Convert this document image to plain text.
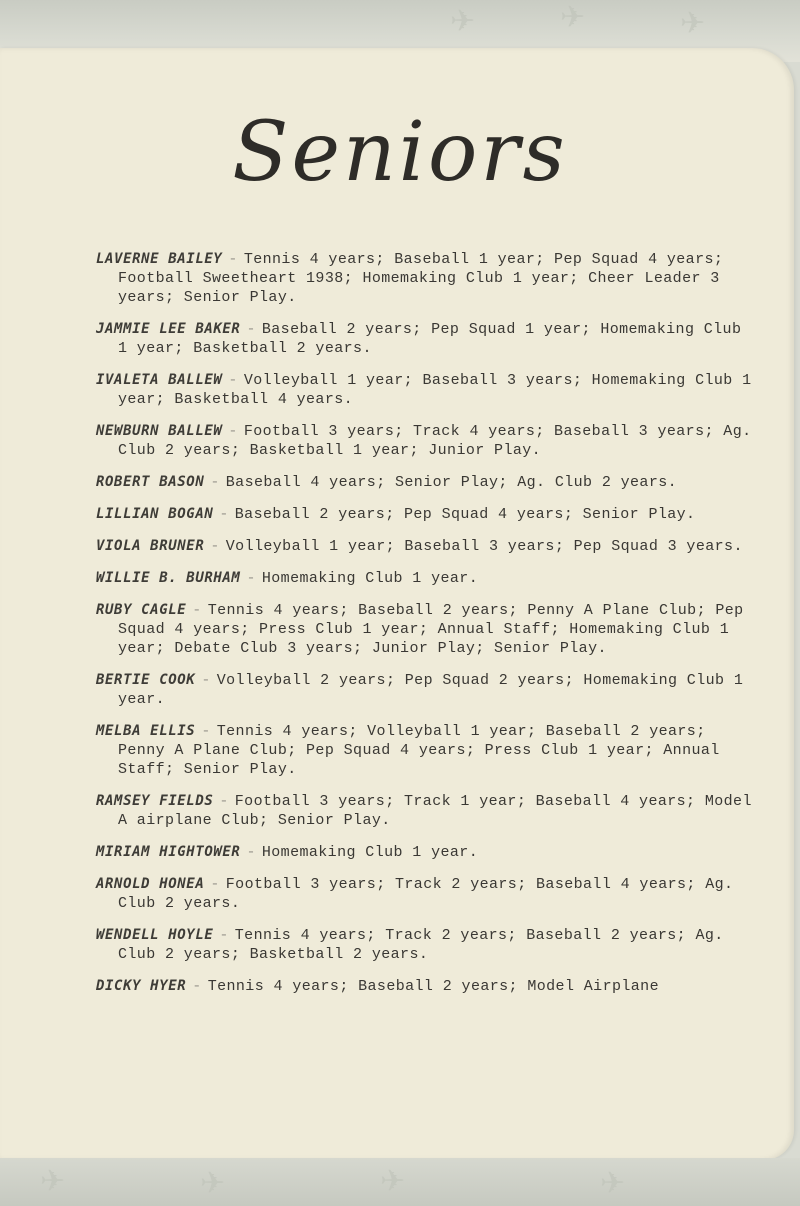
✈	✈	✈
✈	✈	✈	✈
Seniors
LAVERNE BAILEY - Tennis 4 years; Baseball 1 year; Pep Squad 4 years; Football Sweetheart 1938; Homemaking Club 1 year; Cheer Leader 3 years; Senior Play.
JAMMIE LEE BAKER - Baseball 2 years; Pep Squad 1 year; Homemaking Club 1 year; Basketball 2 years.
IVALETA BALLEW - Volleyball 1 year; Baseball 3 years; Homemaking Club 1 year; Basketball 4 years.
NEWBURN BALLEW - Football 3 years; Track 4 years; Baseball 3 years; Ag. Club 2 years; Basketball 1 year; Junior Play.
ROBERT BASON - Baseball 4 years; Senior Play; Ag. Club 2 years.
LILLIAN BOGAN - Baseball 2 years; Pep Squad 4 years; Senior Play.
VIOLA BRUNER - Volleyball 1 year; Baseball 3 years; Pep Squad 3 years.
WILLIE B. BURHAM - Homemaking Club 1 year.
RUBY CAGLE - Tennis 4 years; Baseball 2 years; Penny A Plane Club; Pep Squad 4 years; Press Club 1 year; Annual Staff; Homemaking Club 1 year; Debate Club 3 years; Junior Play; Senior Play.
BERTIE COOK - Volleyball 2 years; Pep Squad 2 years; Homemaking Club 1 year.
MELBA ELLIS - Tennis 4 years; Volleyball 1 year; Baseball 2 years; Penny A Plane Club; Pep Squad 4 years; Press Club 1 year; Annual Staff; Senior Play.
RAMSEY FIELDS - Football 3 years; Track 1 year; Baseball 4 years; Model A airplane Club; Senior Play.
MIRIAM HIGHTOWER - Homemaking Club 1 year.
ARNOLD HONEA - Football 3 years; Track 2 years; Baseball 4 years; Ag. Club 2 years.
WENDELL HOYLE - Tennis 4 years; Track 2 years; Baseball 2 years; Ag. Club 2 years; Basketball 2 years.
DICKY HYER - Tennis 4 years; Baseball 2 years; Model Airplane
